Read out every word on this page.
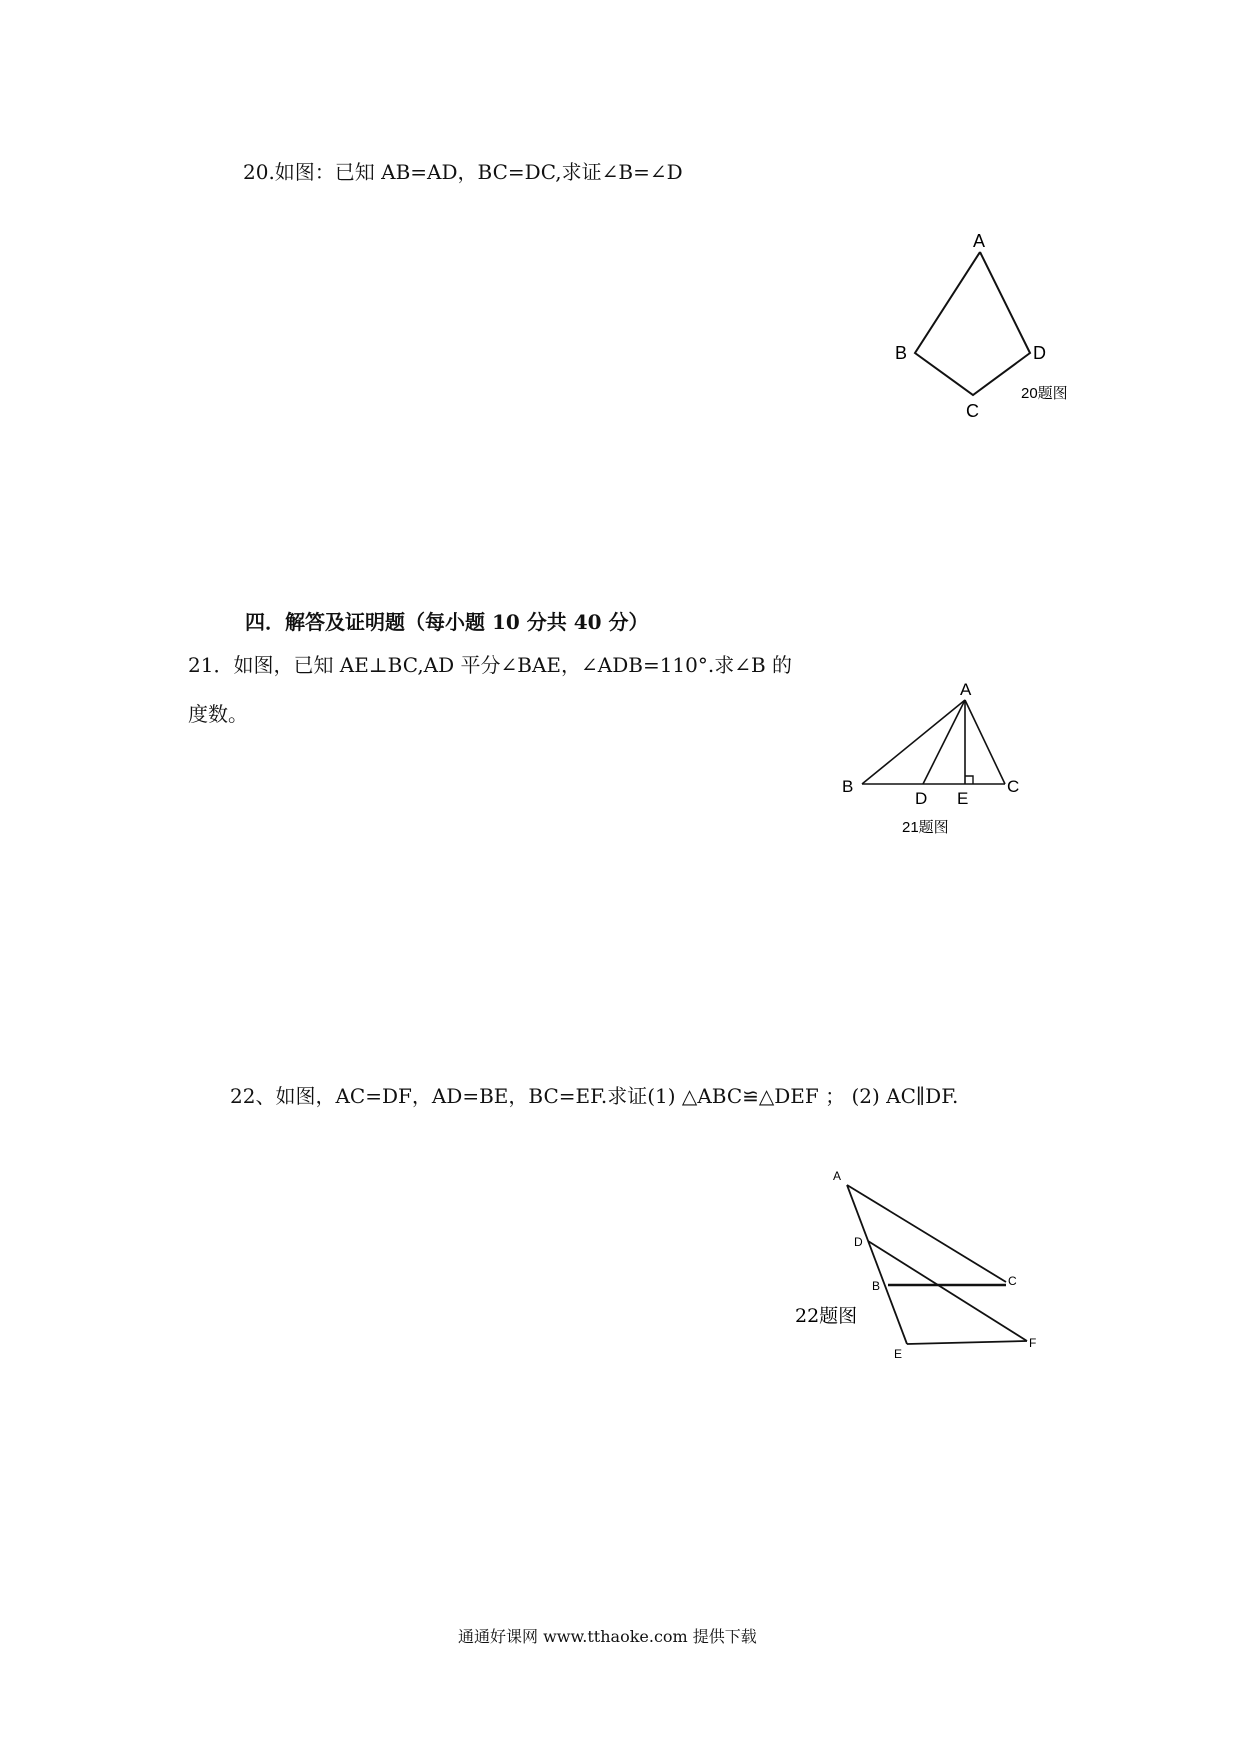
20.如图：已知 AB=AD，BC=DC,求证∠B=∠D
A
B
C
D
20题图
四．解答及证明题（每小题 10 分共 40 分）
21．如图，已知 AE⊥BC,AD 平分∠BAE，∠ADB=110°.求∠B 的
度数。
A
B
D E
C
21题图
22、如图，AC=DF，AD=BE，BC=EF.求证(1) △ABC≌△DEF ； (2) AC∥DF.
A
D
B	C
E
F
22题图
通通好课网 www.tthaoke.com 提供下载
